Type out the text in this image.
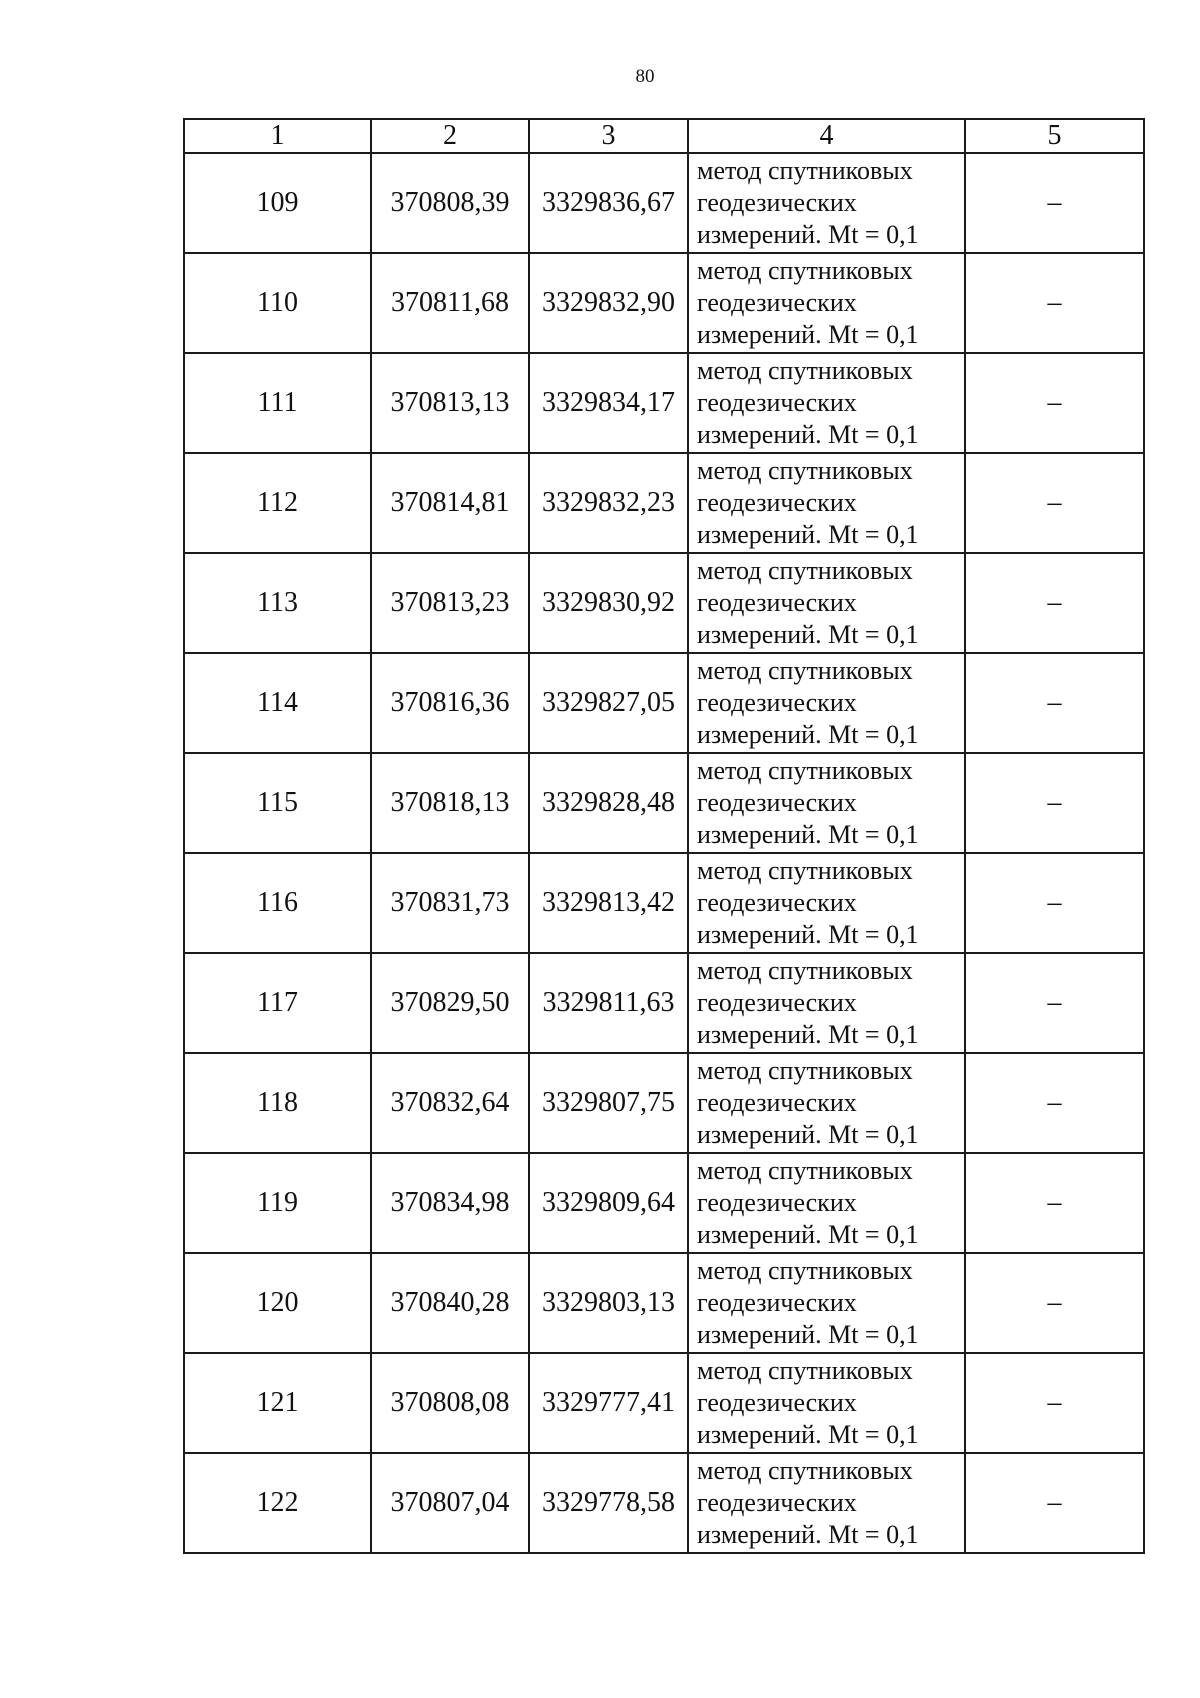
80
1	2	3	4	5
109	370808,39	3329836,67	метод спутниковых
геодезических
измерений. Mt = 0,1	–
110	370811,68	3329832,90	метод спутниковых
геодезических
измерений. Mt = 0,1	–
111	370813,13	3329834,17	метод спутниковых
геодезических
измерений. Mt = 0,1	–
112	370814,81	3329832,23	метод спутниковых
геодезических
измерений. Mt = 0,1	–
113	370813,23	3329830,92	метод спутниковых
геодезических
измерений. Mt = 0,1	–
114	370816,36	3329827,05	метод спутниковых
геодезических
измерений. Mt = 0,1	–
115	370818,13	3329828,48	метод спутниковых
геодезических
измерений. Mt = 0,1	–
116	370831,73	3329813,42	метод спутниковых
геодезических
измерений. Mt = 0,1	–
117	370829,50	3329811,63	метод спутниковых
геодезических
измерений. Mt = 0,1	–
118	370832,64	3329807,75	метод спутниковых
геодезических
измерений. Mt = 0,1	–
119	370834,98	3329809,64	метод спутниковых
геодезических
измерений. Mt = 0,1	–
120	370840,28	3329803,13	метод спутниковых
геодезических
измерений. Mt = 0,1	–
121	370808,08	3329777,41	метод спутниковых
геодезических
измерений. Mt = 0,1	–
122	370807,04	3329778,58	метод спутниковых
геодезических
измерений. Mt = 0,1	–
